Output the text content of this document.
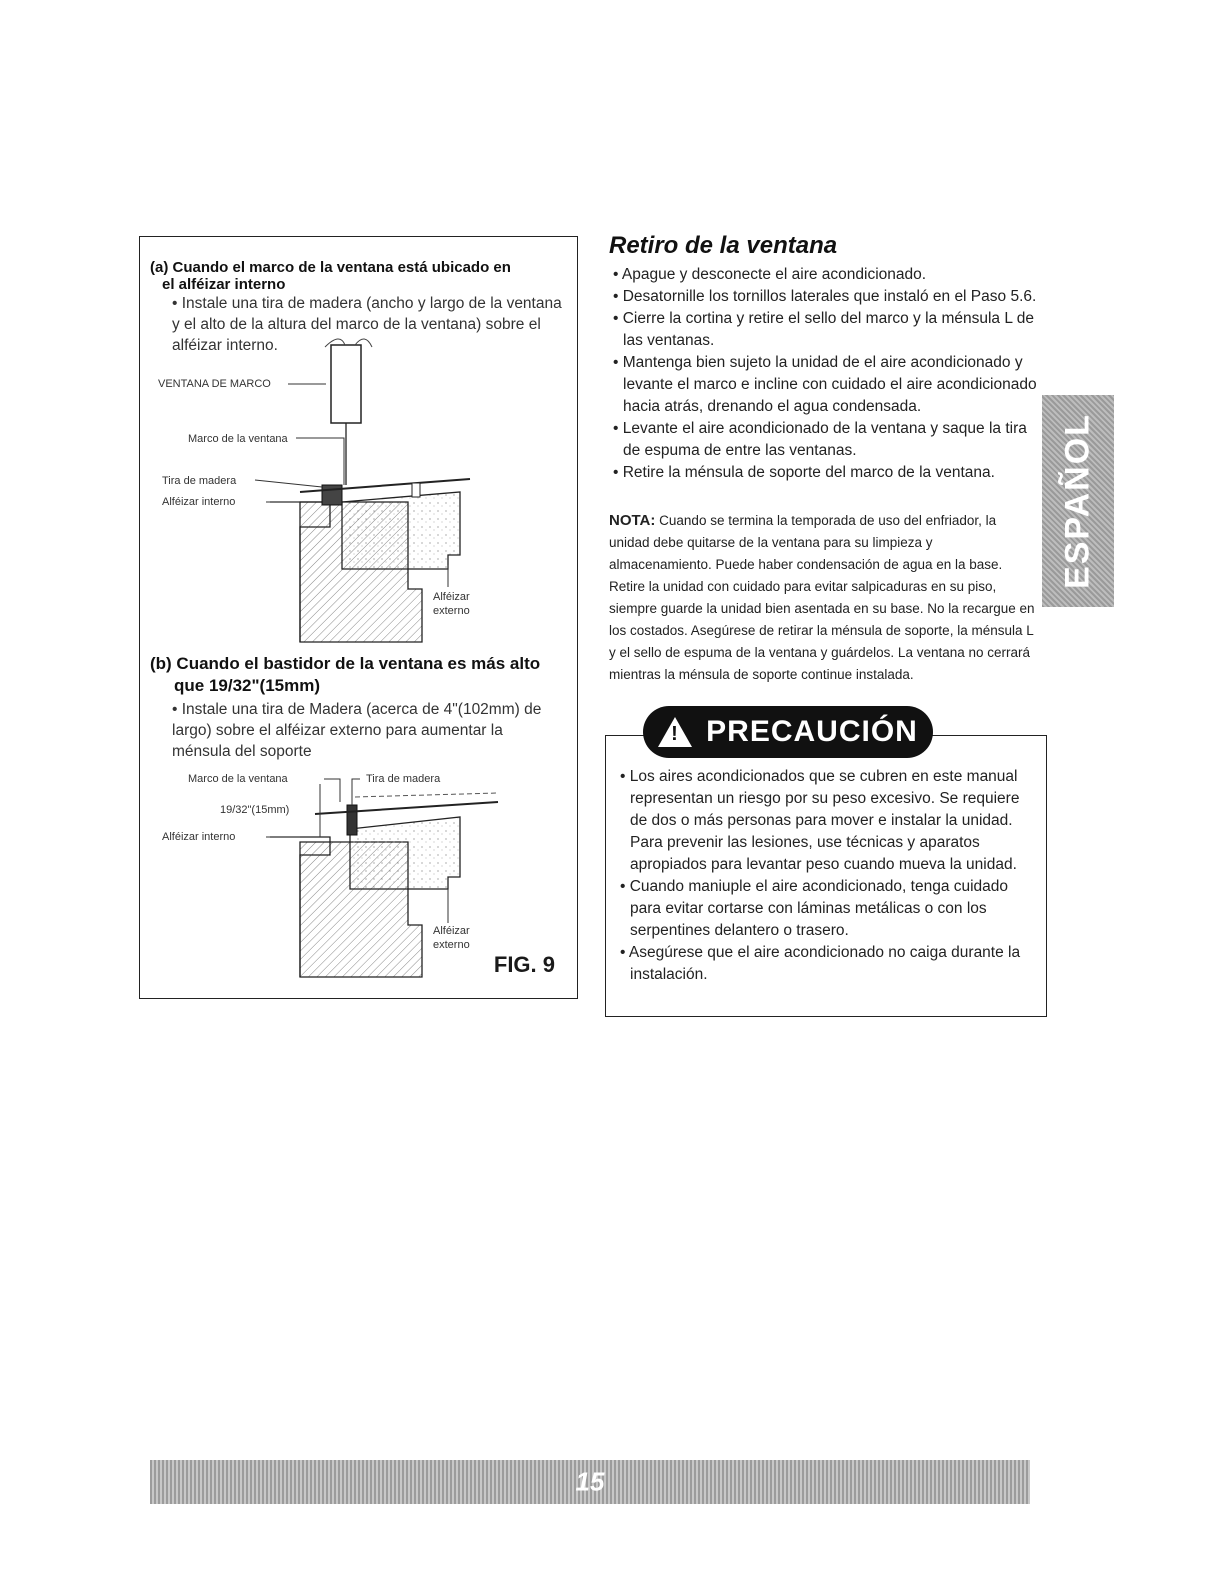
(a) Cuando el marco de la ventana está ubicado en
el alféizar interno
• Instale una tira de madera (ancho y largo de la ventana y el alto de la altura del marco de la ventana) sobre el alféizar interno.
VENTANA DE MARCO
Marco de la ventana
Tira de madera
Alféizar interno
Alféizar
externo
(b) Cuando el bastidor de la ventana es más alto
que 19/32"(15mm)
• Instale una tira de Madera (acerca de 4"(102mm) de largo) sobre el alféizar externo para aumentar la ménsula del soporte
Marco de la ventana	Tira de madera
19/32"(15mm)
Alféizar interno
Alféizar
externo
FIG. 9
Retiro de la ventana
• Apague y desconecte el aire acondicionado.
• Desatornille los tornillos laterales que instaló en el Paso 5.6.
• Cierre la cortina y retire el sello del marco y la ménsula L de las ventanas.
• Mantenga bien sujeto la unidad de el aire acondicionado y levante el marco e incline con cuidado el aire acondicionado hacia atrás, drenando el agua condensada.
• Levante el aire acondicionado de la ventana y saque la tira de espuma de entre las ventanas.
• Retire la ménsula de soporte del marco de la ventana.
NOTA: Cuando se termina la temporada de uso del enfriador, la unidad debe quitarse de la ventana para su limpieza y almacenamiento. Puede haber condensación de agua en la base. Retire la unidad con cuidado para evitar salpicaduras en su piso, siempre guarde la unidad bien asentada en su base. No la recargue en los costados. Asegúrese de retirar la ménsula de soporte, la ménsula L y el sello de espuma de la ventana y guárdelos. La ventana no cerrará mientras la ménsula de soporte continue instalada.
! PRECAUCIÓN
• Los aires acondicionados que se cubren en este manual representan un riesgo por su peso excesivo. Se requiere de dos o más personas para mover e instalar la unidad. Para prevenir las lesiones, use técnicas y aparatos apropiados para levantar peso cuando mueva la unidad.
• Cuando maniuple el aire acondicionado, tenga cuidado para evitar cortarse con láminas metálicas o con los serpentines delantero o trasero.
• Asegúrese que el aire acondicionado no caiga durante la instalación.
ESPAÑOL
15
